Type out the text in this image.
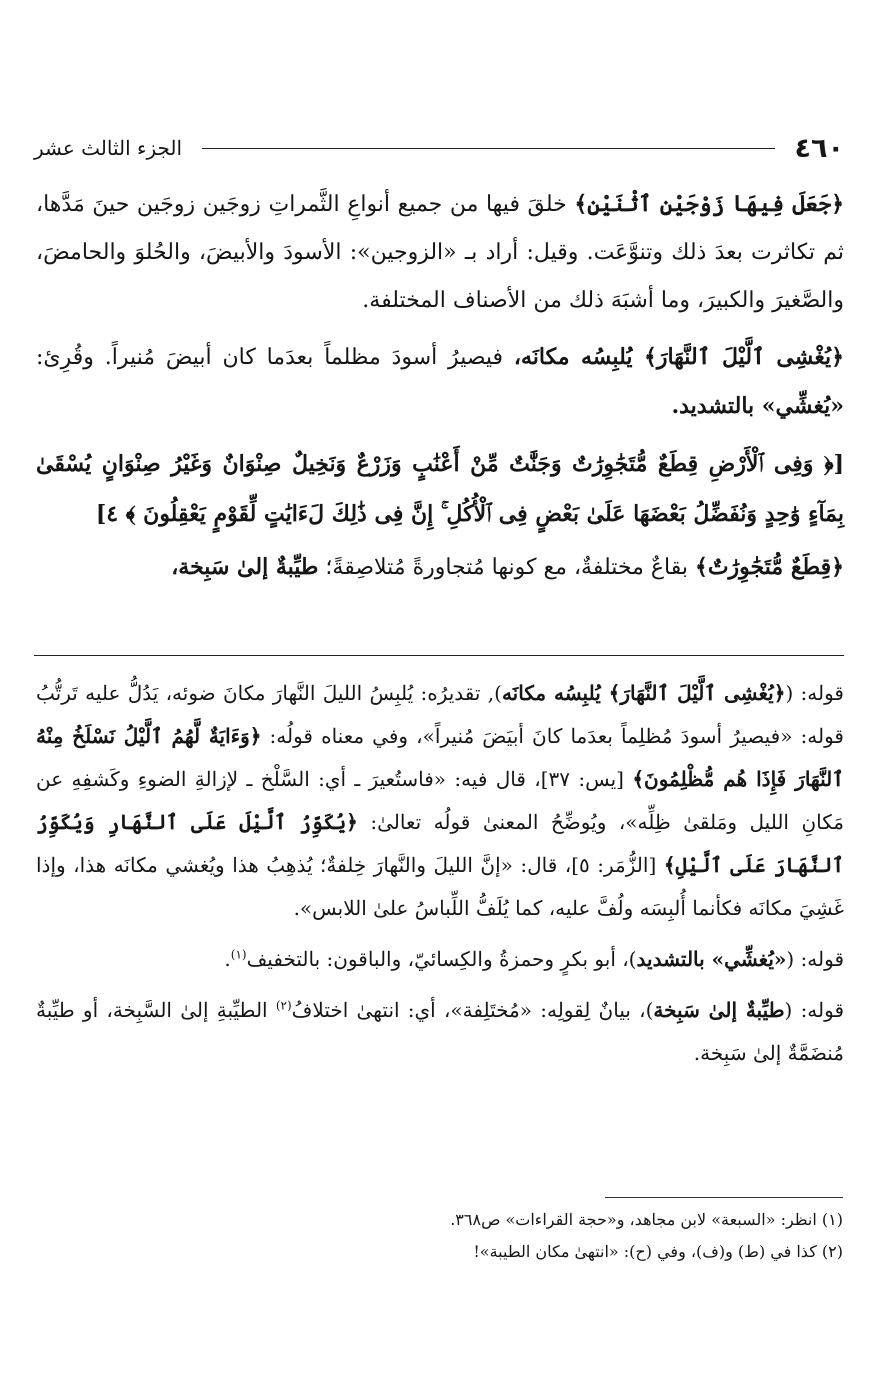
٤٦٠
الجزء الثالث عشر

﴿جَعَلَ فِيهَا زَوْجَيْنِ ٱثْنَيْنِ﴾ خلقَ فيها من جميع أنواعِ الثَّمراتِ زوجَين زوجَين حينَ مَدَّها، ثم تكاثرت بعدَ ذلك وتنوَّعَت. وقيل: أراد بـ «الزوجين»: الأسودَ والأبيضَ، والحُلوَ والحامضَ، والصَّغيرَ والكبيرَ، وما أشبَهَ ذلك من الأصناف المختلفة.

﴿يُغْشِى ٱلَّيْلَ ٱلنَّهَارَ﴾ يُلبِسُه مكانَه، فيصيرُ أسودَ مظلماً بعدَما كان أبيضَ مُنيراً. وقُرِئ: «يُغشِّي» بالتشديد.

[﴿ وَفِى ٱلْأَرْضِ قِطَعٌ مُّتَجَٰوِرَٰتٌ وَجَنَّٰتٌ مِّنْ أَعْنَٰبٍ وَزَرْعٌ وَنَخِيلٌ صِنْوَانٌ وَغَيْرُ صِنْوَانٍ يُسْقَىٰ بِمَآءٍ وَٰحِدٍ وَنُفَضِّلُ بَعْضَهَا عَلَىٰ بَعْضٍ فِى ٱلْأُكُلِ ۚ إِنَّ فِى ذَٰلِكَ لَءَايَٰتٍ لِّقَوْمٍ يَعْقِلُونَ ﴾ ٤]

﴿قِطَعٌ مُّتَجَٰوِرَٰتٌ﴾ بقاعٌ مختلفةٌ، مع كونها مُتجاورةً مُتلاصِقةً؛ طيِّبةٌ إلىٰ سَبِخة،

قوله: (﴿يُغْشِى ٱلَّيْلَ ٱلنَّهَارَ﴾ يُلبِسُه مكانَه), تقديرُه: يُلبِسُ الليلَ النَّهارَ مكانَ ضوئه، يَدُلُّ عليه تَرتُّبُ قوله: «فيصيرُ أسودَ مُظلِماً بعدَما كانَ أبيَضَ مُنيراً»، وفي معناه قولُه: ﴿وَءَايَةٌ لَّهُمُ ٱلَّيْلُ نَسْلَخُ مِنْهُ ٱلنَّهَارَ فَإِذَا هُم مُّظْلِمُونَ﴾ [يس: ٣٧]، قال فيه: «فاستُعيرَ ـ أي: السَّلْخ ـ لإزالةِ الضوءِ وكَشفِهِ عن مَكانِ الليل ومَلقىٰ ظِلِّه»، ويُوضِّحُ المعنىٰ قولُه تعالىٰ: ﴿يُكَوِّرُ ٱلَّيْلَ عَلَى ٱلنَّهَارِ وَيُكَوِّرُ ٱلنَّهَارَ عَلَى ٱلَّيْلِ﴾ [الزُّمَر: ٥]، قال: «إنَّ الليلَ والنَّهارَ خِلفةٌ؛ يُذهِبُ هذا ويُغشي مكانَه هذا، وإذا غَشِيَ مكانَه فكأنما أُلبِسَه ولُفَّ عليه، كما يُلَفُّ اللِّباسُ علىٰ اللابس».

قوله: («يُغشِّي» بالتشديد)، أبو بكرٍ وحمزةُ والكِسائيّ، والباقون: بالتخفيف$^{(١)}$.

قوله: (طيِّبةٌ إلىٰ سَبِخة)، بيانٌ لِقولِه: «مُختَلِفة»، أي: انتهىٰ اختلافُ$^{(٢)}$ الطيِّبةِ إلىٰ السَّبِخة، أو طيِّبةٌ مُنضَمَّةٌ إلىٰ سَبِخة.

(١) انظر: «السبعة» لابن مجاهد، و«حجة القراءات» ص٣٦٨.
(٢) كذا في (ط) و(ف)، وفي (ح): «انتهىٰ مكان الطيبة»!
